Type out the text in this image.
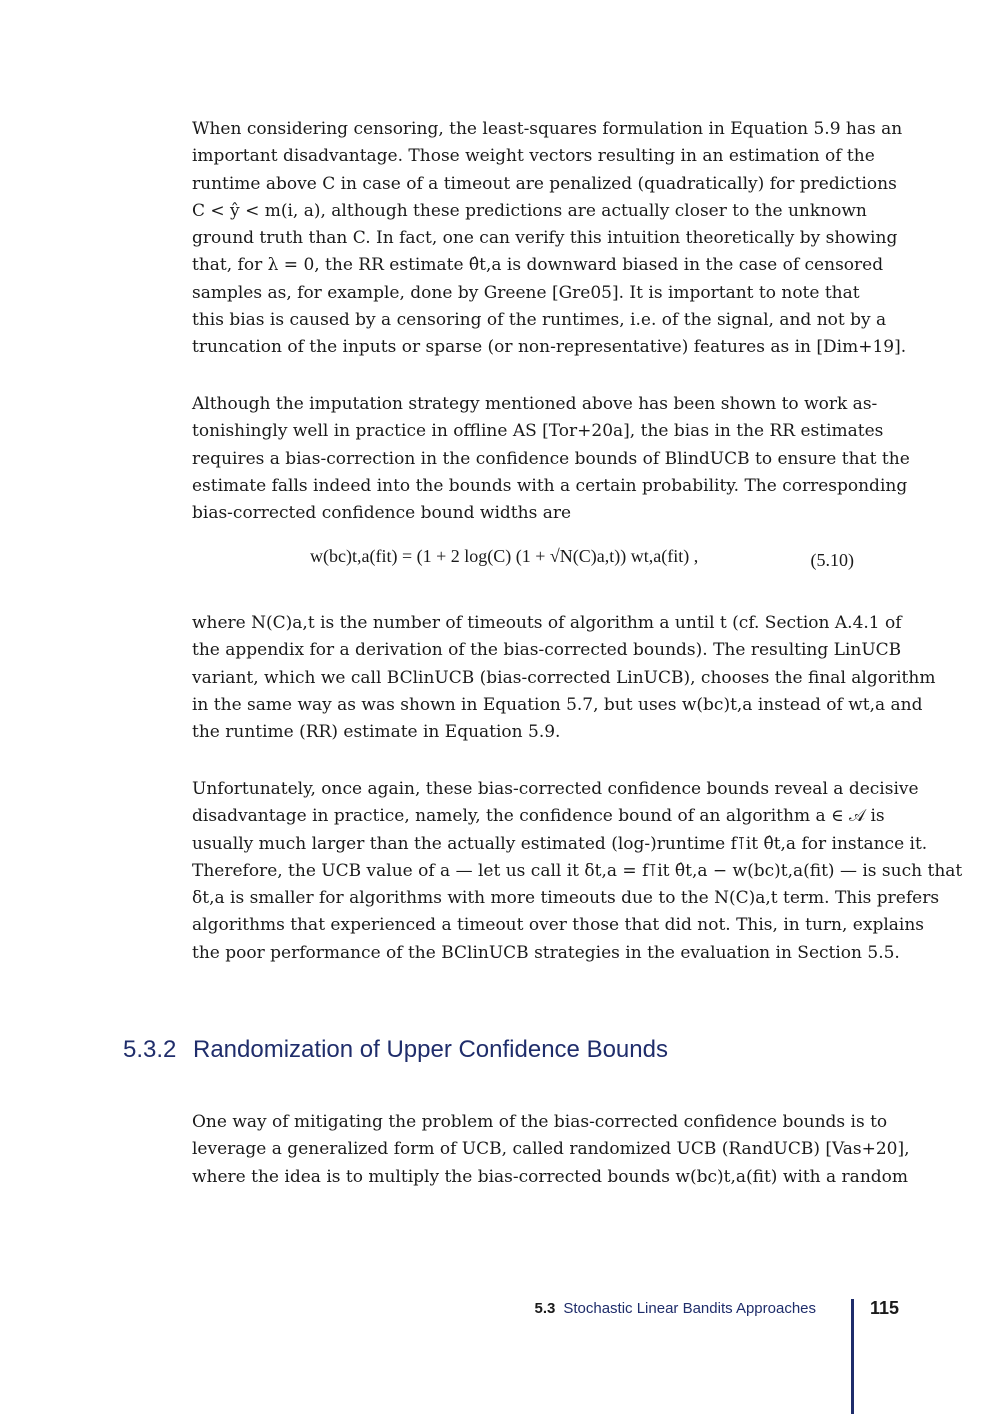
When considering censoring, the least-squares formulation in Equation 5.9 has an
important disadvantage. Those weight vectors resulting in an estimation of the
runtime above C in case of a timeout are penalized (quadratically) for predictions
C < ŷ < m(i, a), although these predictions are actually closer to the unknown
ground truth than C. In fact, one can verify this intuition theoretically by showing
that, for λ = 0, the RR estimate θ̂t,a is downward biased in the case of censored
samples as, for example, done by Greene [Gre05]. It is important to note that
this bias is caused by a censoring of the runtimes, i.e. of the signal, and not by a
truncation of the inputs or sparse (or non-representative) features as in [Dim+19].
Although the imputation strategy mentioned above has been shown to work as-
tonishingly well in practice in offline AS [Tor+20a], the bias in the RR estimates
requires a bias-correction in the confidence bounds of BlindUCB to ensure that the
estimate falls indeed into the bounds with a certain probability. The corresponding
bias-corrected confidence bound widths are
w(bc)t,a(fit) = (1 + 2 log(C) (1 + √N(C)a,t)) wt,a(fit) ,	(5.10)
where N(C)a,t is the number of timeouts of algorithm a until t (cf. Section A.4.1 of
the appendix for a derivation of the bias-corrected bounds). The resulting LinUCB
variant, which we call BClinUCB (bias-corrected LinUCB), chooses the final algorithm
in the same way as was shown in Equation 5.7, but uses w(bc)t,a instead of wt,a and
the runtime (RR) estimate in Equation 5.9.
Unfortunately, once again, these bias-corrected confidence bounds reveal a decisive
disadvantage in practice, namely, the confidence bound of an algorithm a ∈ 𝒜 is
usually much larger than the actually estimated (log-)runtime f⊺it θ̂t,a for instance it.
Therefore, the UCB value of a — let us call it δt,a = f⊺it θ̂t,a − w(bc)t,a(fit) — is such that
δt,a is smaller for algorithms with more timeouts due to the N(C)a,t term. This prefers
algorithms that experienced a timeout over those that did not. This, in turn, explains
the poor performance of the BClinUCB strategies in the evaluation in Section 5.5.
5.3.2 Randomization of Upper Confidence Bounds
One way of mitigating the problem of the bias-corrected confidence bounds is to
leverage a generalized form of UCB, called randomized UCB (RandUCB) [Vas+20],
where the idea is to multiply the bias-corrected bounds w(bc)t,a(fit) with a random
5.3 Stochastic Linear Bandits Approaches	115
